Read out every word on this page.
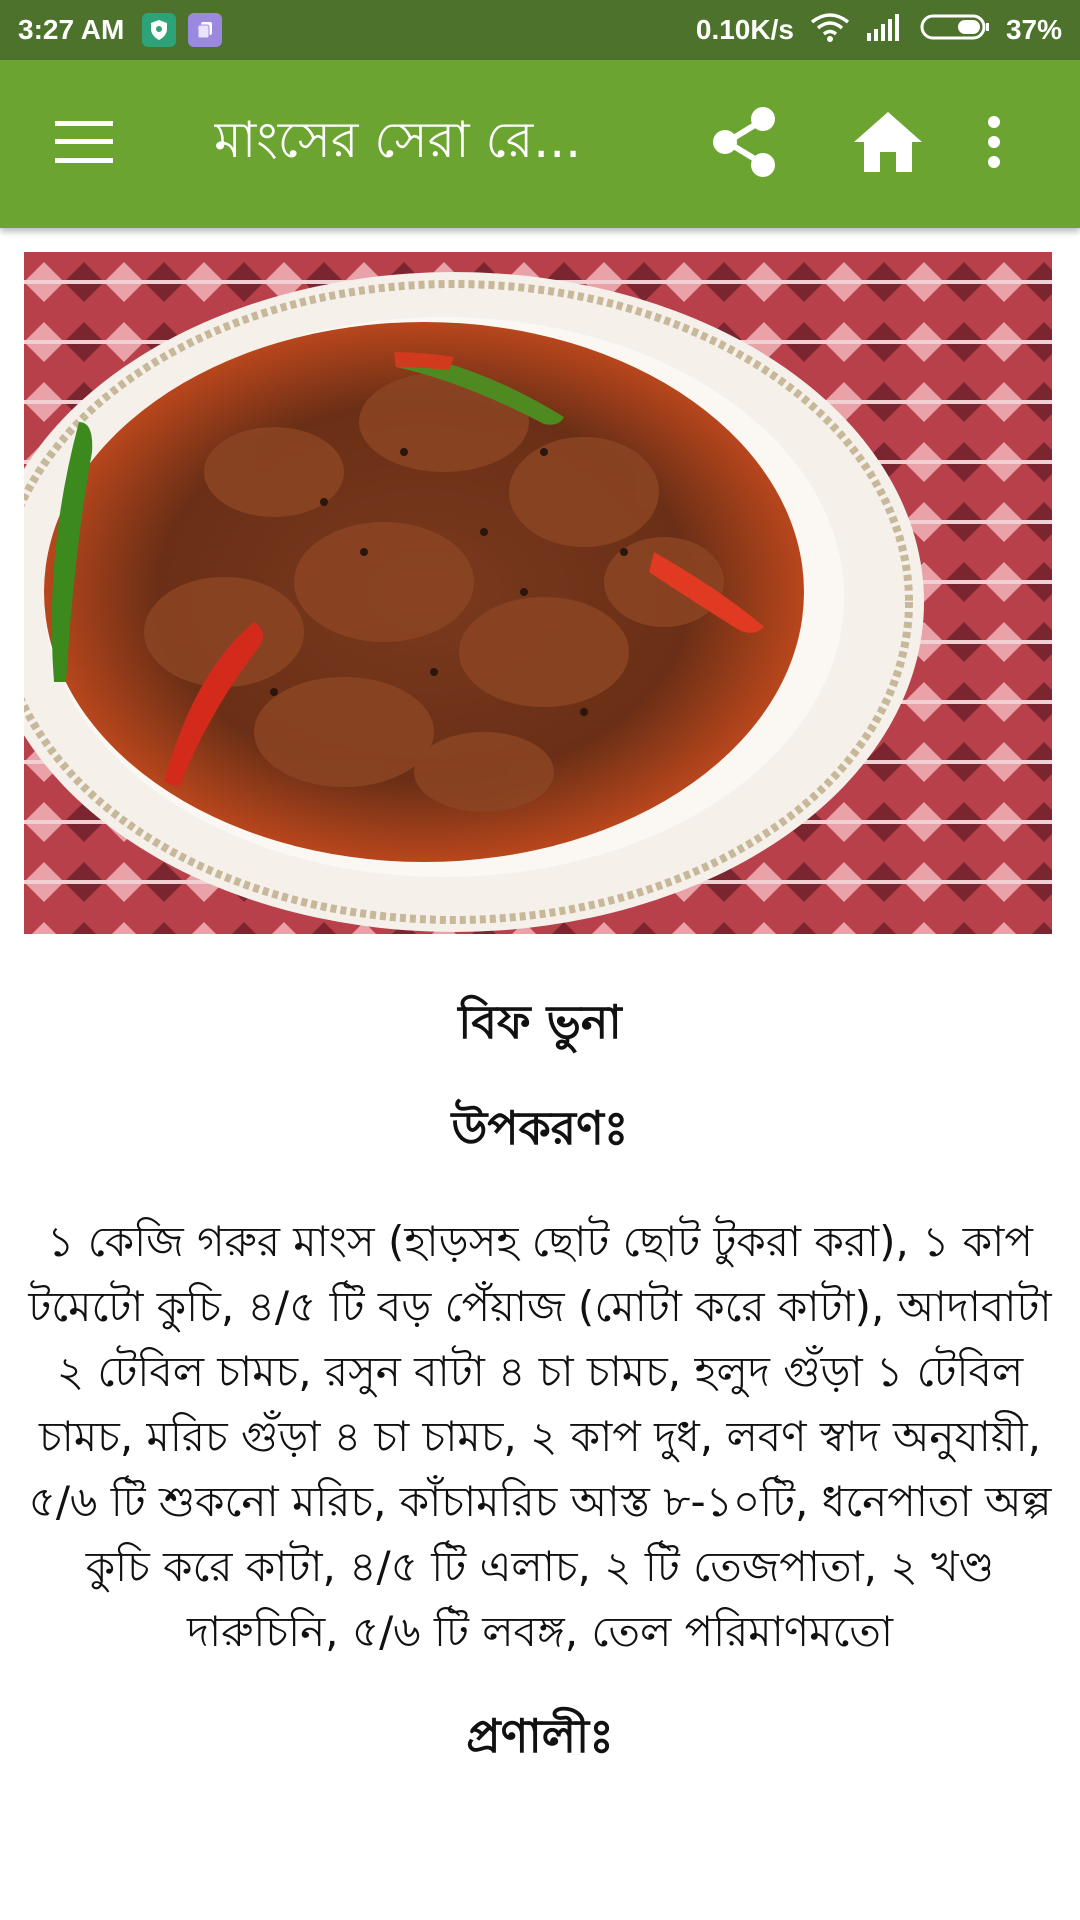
3:27 AM	0.10K/s	37%
মাংসের সেরা রে...
বিফ ভুনা
উপকরণঃ
১ কেজি গরুর মাংস (হাড়সহ ছোট ছোট টুকরা করা), ১ কাপ টমেটো কুচি, ৪/৫ টি বড় পেঁয়াজ (মোটা করে কাটা), আদাবাটা ২ টেবিল চামচ, রসুন বাটা ৪ চা চামচ, হলুদ গুঁড়া ১ টেবিল চামচ, মরিচ গুঁড়া ৪ চা চামচ, ২ কাপ দুধ, লবণ স্বাদ অনুযায়ী, ৫/৬ টি শুকনো মরিচ, কাঁচামরিচ আস্ত ৮-১০টি, ধনেপাতা অল্প কুচি করে কাটা, ৪/৫ টি এলাচ, ২ টি তেজপাতা, ২ খণ্ড দারুচিনি, ৫/৬ টি লবঙ্গ, তেল পরিমাণমতো
প্রণালীঃ
